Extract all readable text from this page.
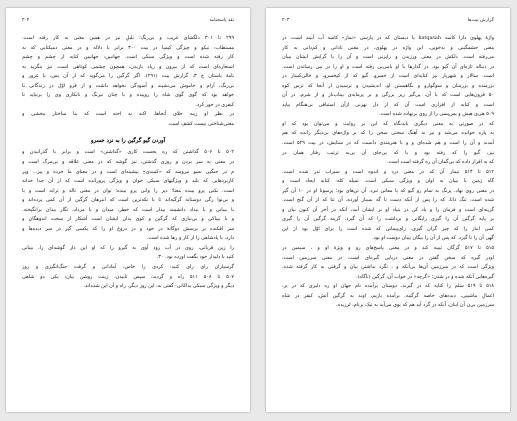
نقد پاسخنامه
۳۰۴
۲۹۹ تا ۳۰۱ دلگشای غریب و بی‌رنگ؛ بلبلِ نیز در همین معنی به کار رفته است.
مستطاب: نیکو و چیزگی کیمیا در بیت ۳۰۰ برابر با دلاله و در معنی دمیکتایی که به
کار رفته شده است و ویژگی سبکی است. جهانبین: جهانبین کنایه از چشم و چشم
استعاره‌ای است که از بیرون و زیاد یازیدن، همچون چشمی کوتاهی است. نیز بنگرید به
نامهٔ باستان ج ۳، گزارش بیت (۲۹۱). اگر گرگین را می‌گوید که از آن پس، با غرور و
بی‌رنگ، آرام و خاموش می‌نشیند و آسودگی نخواهد داشت و از فرو اوّل در زندگانی تا
خواهد بود که گوی گوی شاه را روییده و با چنان نیرنگ و نابکاری وی را برنیاید تا
کیفری در خور کرد.
در نظر او زیبه جلای آنجاها، اکنه نه اخته است که بنا ساختار ببخشی و
معنی‌شناختی نیست کشف است.
آوردن گیو گرگین را به نزد خسرو
۵۰۲ تا ۵۰۶ گذاشتن که ره یجست کاری «گذاشتن» است و برابر با گذرانیدن و
در معنی به سر بردن و روزی گذشتن، نیز گوشه که در معنی علاقه و بی‌مرگ است و
م در جنگیی بسو نیرومند که «کمندی»ِ بیشینه‌ای است و در معنای ما خرده و پیر... ویر
کاربردهایی که بلند و ویژگیهای سبکی خوان و ویژگی پرورانده است که از آن جدا خدانه
است. نکبی پرو بینده معنا؛ دیر را وانی پرو بینده؛ توان در معنی ناله و ترانه است و با
و بی‌نوا رگی دوستانه گرگیه‌اند تا با نکه‌ترین است که انبرهان گرگین از آن کمی پرده‌اند و
با بیبانی و با بیداد دانشمند بیدار است که خطر، میدان و با مرداد، نگار بیدان برانگیخته.
و با بیباکی و بی‌نیازی که گرگین و کوی بدان ایشان است آشکار از سخت اندوهگان و
سر افکنده بر پرسش دوگانهٔ در خود و در دروغ او را که بکسی گیر در سر دیده‌ها و
دارد، با پادشاهی را از کار و رها شده است.
را زین قربانی، روی در آب رود آوی به گیرو را که او این ذار گوشه‌ای را، بیبانی
کنید با دلیدار خود بگفت اورده بود. ۳۰.
گرسیاران رای رای کنید: کردی را خاس، آمادانی و گرفت جنگ‌انگیزی و روز
۵۰۷ تا ۵۰۸ ۵۱۱ راه و گردید، سپس تابیدن، زینت روشن بیان: یکی دو شاهی
دیگر و ویژگی سبکی بداکاتی: گفتی به، این روز دیگر، راه و آن این شده‌اند.
گزارش بیت‌ها
۳۰۳
واژهٔ پهلوی دارا کاسه katqasah با دبستان که در پارسی «نماز» کاسه آب آبیند است، در
معنی خشمگینی و بدخویی. این واژه در پهلوی، در معنی نادانی و کم‌دانی به کار
می‌رفته است. دلکش در معنی ورزیدن و رایزنی است و آن را با گرایش ایشان بیبان
در دنباله تازه‌ای آن گیو بود. در گذارها با او بامی‌بی رفته است و او را در بیی رساندن است.
است. سالار و شهریار نیز کنایه‌ای است از خسرو. گیو که از کیخسرو، و خالی‌کسار در
بزرمنده و بزرمنان و سوگوارو و نگاهبستن او، اندیشیدن و ترسیدن از آنجا که ترس کوه
۵۰ فزون‌هایی است که با آن، پی‌گیر زیر بزرگی و بر پرمایه‌ی بیتاب‌ناز و از شرم، در آن
است و کنایه از افزاری است آن که از دل نهرنی ازآن استباقی بی‌هنگام بیاید
۵۰۹ هی‌ی هیش و پس‌پسی را از روی برنهاده شده است.
که در صورتی به معنی دیگری بایدنگاه که این بر روایت و می‌توان بود که او
به پاره خوانده می‌شد و نیز به آهنگ سخنی سخن را که بر واژه‌های بی‌دیگر رانده که هم
آمدند و آن را است و هم شده‌ای و و با هنرمندی دانست که در ستایش، در بیت ۵۲۹ است.
نیز، گیو را که رفته بود و یا که بی‌جای آن بی‌به ترتیب رفتار همان در
که به افراز داده که بی‌گمان آن ره گرفته است است.
۵۱۲ تا ۵۱۴ تیمار آن که در معنی درد و اندوه است و سیراب تدر شده است.
گاه زمین با بیبان به اوان و ویژگی سبکی است. تمیله کله: کنایه ایجاد است و
در معنی روی نهاد. پرنگ به تمام رو گیو که با معانی نبرد. آن تن‌های بود؛ پرسونا او در ۱۰ آن گیر
شده است. تنگ ذاتا، که را پس از آنکه دست تا گه بسیار آورده، آن تنا که از آن گنج است.
گزینه‌ای است و فرمان را و یاد کن در بنیاد او بر ایشان آمد، آنکه در آخر آن کنون بیان و
بر پایه گرگین آن را گیری رایگانی و برداشت را که آن گیرد. گزینه گرگین آن را گیری
کمی انبار را که چیز گران گیری. رای‌پیمانی که شده است را برای اوّل بود از این
گهی آن را تا گیرد. که پس از آن را بیگان بیبان دوست او بود.
۵۱۵ تا ۵۱۷ گرگان تیبیه کند و در معنی پاسخ‌های رو و ویژهٔ او و ، سیمین در
اودر گیره که سخن گفتن در معنی دربایی گیره‌ای است، در معنی سرزمین است،
ویژگی است که در سرزمین آن‌ها بی‌آنکه و ، نگرد نداشتن بیان و گرفتی به کار گرفته شده.
گیره‌هایی آنکه شده و در شدن؛ «گرچه» در خواب آن، گرگین (ناگاه).
۵۱۸ تا ۵۱۹ سلم را کنایه که در گیرند، دوستان برآمده نام جهان او ره دلیری که در بر،
اعمالِ ماشینی، دیده‌های خاصه گرگیبه. برآمده بازیم، اوند به گرگین آتش، کیفر در شاه
سرزمین بی‌ن آن اینان، آنکه در گرد آید هم که بوی می‌آید به نیک برنام، لرزیده.
